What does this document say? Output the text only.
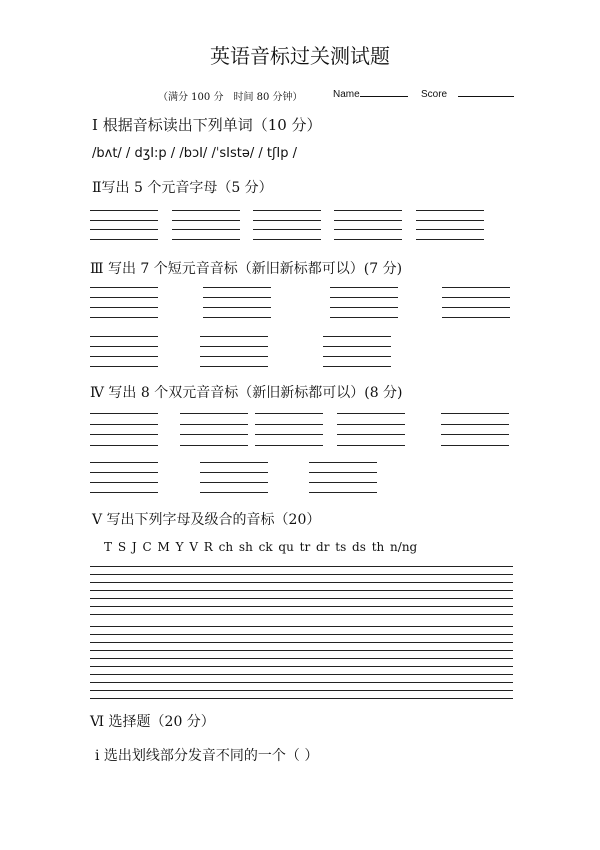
英语音标过关测试题
（满分 100 分　时间 80 分钟）	Name	Score
Ⅰ 根据音标读出下列单词（10 分）
/bʌt/ / dʒI:p / /bɔI/ /ˈsIstə/ / tʃIp /
Ⅱ写出 5 个元音字母（5 分）
Ⅲ 写出 7 个短元音音标（新旧新标都可以）(7 分)
Ⅳ 写出 8 个双元音音标（新旧新标都可以）(8 分)
Ⅴ 写出下列字母及级合的音标（20）
T S J C M Y V R ch sh ck qu tr dr ts ds th n/ng
Ⅵ 选择题（20 分）
ⅰ 选出划线部分发音不同的一个（ ）
